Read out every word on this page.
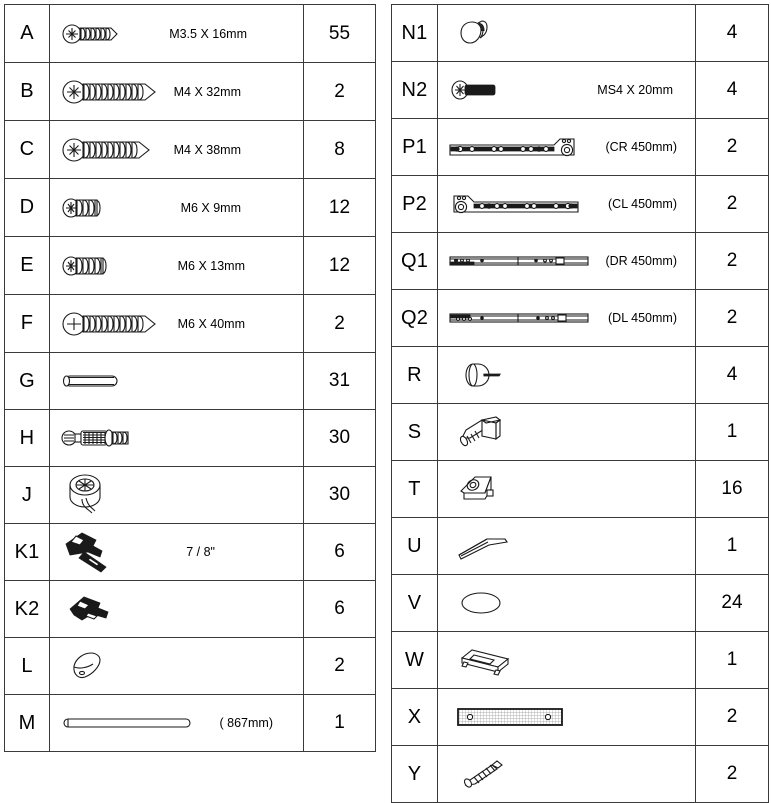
A	M3.5 X 16mm	55
B	M4 X 32mm	2
C	M4 X 38mm	8
D	M6 X 9mm	12
E	M6 X 13mm	12
F	M6 X 40mm	2
G		31
H		30
J		30
K1	7 / 8"	6
K2		6
L		2
M	( 867mm)	1
N1		4
N2	MS4 X 20mm	4
P1	(CR 450mm)	2
P2	(CL 450mm)	2
Q1	(DR 450mm)	2
Q2	(DL 450mm)	2
R		4
S		1
T		16
U		1
V		24
W		1
X		2
Y		2
